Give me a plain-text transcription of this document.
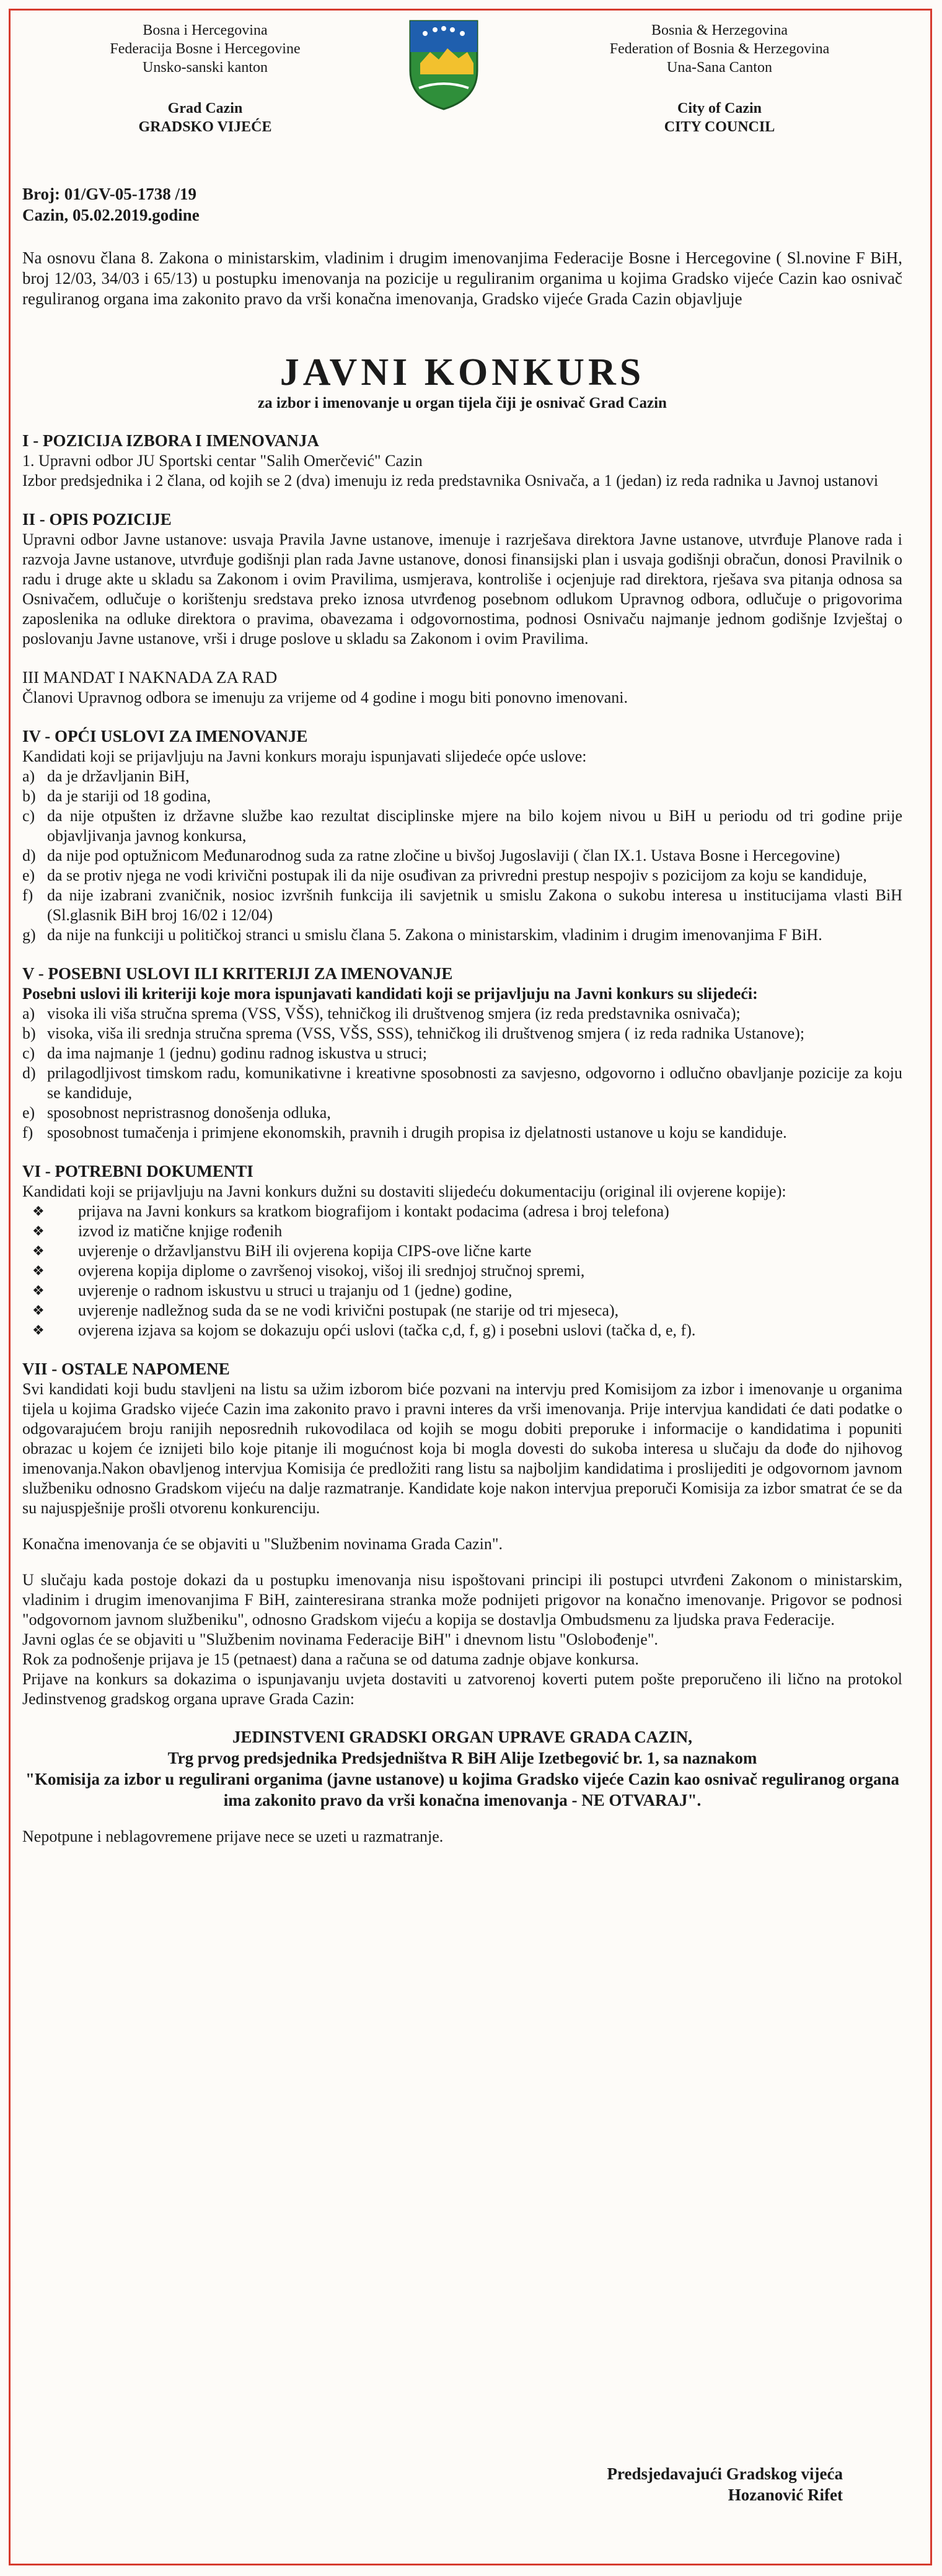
Bosna i Hercegovina
Federacija Bosne i Hercegovine
Unsko-sanski kanton
Grad Cazin
GRADSKO VIJEĆE
Bosnia & Herzegovina
Federation of Bosnia & Herzegovina
Una-Sana Canton
City of Cazin
CITY COUNCIL
Broj: 01/GV-05-1738 /19
Cazin, 05.02.2019.godine

Na osnovu člana 8. Zakona o ministarskim, vladinim i drugim imenovanjima Federacije Bosne i Hercegovine ( Sl.novine F BiH, broj 12/03, 34/03 i 65/13) u postupku imenovanja na pozicije u reguliranim organima u kojima Gradsko vijeće Cazin kao osnivač reguliranog organa ima zakonito pravo da vrši konačna imenovanja, Gradsko vijeće Grada Cazin objavljuje

JAVNI KONKURS
za izbor i imenovanje u organ tijela čiji je osnivač Grad Cazin
I - POZICIJA IZBORA I IMENOVANJA

1. Upravni odbor JU Sportski centar "Salih Omerčević" Cazin

Izbor predsjednika i 2 člana, od kojih se 2 (dva) imenuju iz reda predstavnika Osnivača, a 1 (jedan) iz reda radnika u Javnoj ustanovi

II - OPIS POZICIJE

Upravni odbor Javne ustanove: usvaja Pravila Javne ustanove, imenuje i razrješava direktora Javne ustanove, utvrđuje Planove rada i razvoja Javne ustanove, utvrđuje godišnji plan rada Javne ustanove, donosi finansijski plan i usvaja godišnji obračun, donosi Pravilnik o radu i druge akte u skladu sa Zakonom i ovim Pravilima, usmjerava, kontroliše i ocjenjuje rad direktora, rješava sva pitanja odnosa sa Osnivačem, odlučuje o korištenju sredstava preko iznosa utvrđenog posebnom odlukom Upravnog odbora, odlučuje o prigovorima zaposlenika na odluke direktora o pravima, obavezama i odgovornostima, podnosi Osnivaču najmanje jednom godišnje Izvještaj o poslovanju Javne ustanove, vrši i druge poslove u skladu sa Zakonom i ovim Pravilima.

III MANDAT I NAKNADA ZA RAD

Članovi Upravnog odbora se imenuju za vrijeme od 4 godine i mogu biti ponovno imenovani.

IV - OPĆI USLOVI ZA IMENOVANJE

Kandidati koji se prijavljuju na Javni konkurs moraju ispunjavati slijedeće opće uslove:

a) da je državljanin BiH,
b) da je stariji od 18 godina,
c) da nije otpušten iz državne službe kao rezultat disciplinske mjere na bilo kojem nivou u BiH u periodu od tri godine prije objavljivanja javnog konkursa,
d) da nije pod optužnicom Međunarodnog suda za ratne zločine u bivšoj Jugoslaviji ( član IX.1. Ustava Bosne i Hercegovine)
e) da se protiv njega ne vodi krivični postupak ili da nije osuđivan za privredni prestup nespojiv s pozicijom za koju se kandiduje,
f) da nije izabrani zvaničnik, nosioc izvršnih funkcija ili savjetnik u smislu Zakona o sukobu interesa u institucijama vlasti BiH (Sl.glasnik BiH broj 16/02 i 12/04)
g) da nije na funkciji u političkoj stranci u smislu člana 5. Zakona o ministarskim, vladinim i drugim imenovanjima F BiH.
V - POSEBNI USLOVI ILI KRITERIJI ZA IMENOVANJE

Posebni uslovi ili kriteriji koje mora ispunjavati kandidati koji se prijavljuju na Javni konkurs su slijedeći:

a) visoka ili viša stručna sprema (VSS, VŠS), tehničkog ili društvenog smjera (iz reda predstavnika osnivača);
b) visoka, viša ili srednja stručna sprema (VSS, VŠS, SSS), tehničkog ili društvenog smjera ( iz reda radnika Ustanove);
c) da ima najmanje 1 (jednu) godinu radnog iskustva u struci;
d) prilagodljivost timskom radu, komunikativne i kreativne sposobnosti za savjesno, odgovorno i odlučno obavljanje pozicije za koju se kandiduje,
e) sposobnost nepristrasnog donošenja odluka,
f) sposobnost tumačenja i primjene ekonomskih, pravnih i drugih propisa iz djelatnosti ustanove u koju se kandiduje.
VI - POTREBNI DOKUMENTI

Kandidati koji se prijavljuju na Javni konkurs dužni su dostaviti slijedeću dokumentaciju (original ili ovjerene kopije):

❖ prijava na Javni konkurs sa kratkom biografijom i kontakt podacima (adresa i broj telefona)
❖ izvod iz matične knjige rođenih
❖ uvjerenje o državljanstvu BiH ili ovjerena kopija CIPS-ove lične karte
❖ ovjerena kopija diplome o završenoj visokoj, višoj ili srednjoj stručnoj spremi,
❖ uvjerenje o radnom iskustvu u struci u trajanju od 1 (jedne) godine,
❖ uvjerenje nadležnog suda da se ne vodi krivični postupak (ne starije od tri mjeseca),
❖ ovjerena izjava sa kojom se dokazuju opći uslovi (tačka c,d, f, g) i posebni uslovi (tačka d, e, f).
VII - OSTALE NAPOMENE

Svi kandidati koji budu stavljeni na listu sa užim izborom biće pozvani na intervju pred Komisijom za izbor i imenovanje u organima tijela u kojima Gradsko vijeće Cazin ima zakonito pravo i pravni interes da vrši imenovanja. Prije intervjua kandidati će dati podatke o odgovarajućem broju ranijih neposrednih rukovodilaca od kojih se mogu dobiti preporuke i informacije o kandidatima i popuniti obrazac u kojem će iznijeti bilo koje pitanje ili mogućnost koja bi mogla dovesti do sukoba interesa u slučaju da dođe do njihovog imenovanja.Nakon obavljenog intervjua Komisija će predložiti rang listu sa najboljim kandidatima i proslijediti je odgovornom javnom službeniku odnosno Gradskom vijeću na dalje razmatranje. Kandidate koje nakon intervjua preporuči Komisija za izbor smatrat će se da su najuspješnije prošli otvorenu konkurenciju.

Konačna imenovanja će se objaviti u "Službenim novinama Grada Cazin".

U slučaju kada postoje dokazi da u postupku imenovanja nisu ispoštovani principi ili postupci utvrđeni Zakonom o ministarskim, vladinim i drugim imenovanjima F BiH, zainteresirana stranka može podnijeti prigovor na konačno imenovanje. Prigovor se podnosi "odgovornom javnom službeniku", odnosno Gradskom vijeću a kopija se dostavlja Ombudsmenu za ljudska prava Federacije.

Javni oglas će se objaviti u "Službenim novinama Federacije BiH" i dnevnom listu "Oslobođenje".

Rok za podnošenje prijava je 15 (petnaest) dana a računa se od datuma zadnje objave konkursa.

Prijave na konkurs sa dokazima o ispunjavanju uvjeta dostaviti u zatvorenoj koverti putem pošte preporučeno ili lično na protokol Jedinstvenog gradskog organa uprave Grada Cazin:

JEDINSTVENI GRADSKI ORGAN UPRAVE GRADA CAZIN,
Trg prvog predsjednika Predsjedništva R BiH Alije Izetbegović br. 1, sa naznakom
"Komisija za izbor u regulirani organima (javne ustanove) u kojima Gradsko vijeće Cazin kao osnivač reguliranog organa ima zakonito pravo da vrši konačna imenovanja - NE OTVARAJ".

Nepotpune i neblagovremene prijave nece se uzeti u razmatranje.

Predsjedavajući Gradskog vijeća
Hozanović Rifet
